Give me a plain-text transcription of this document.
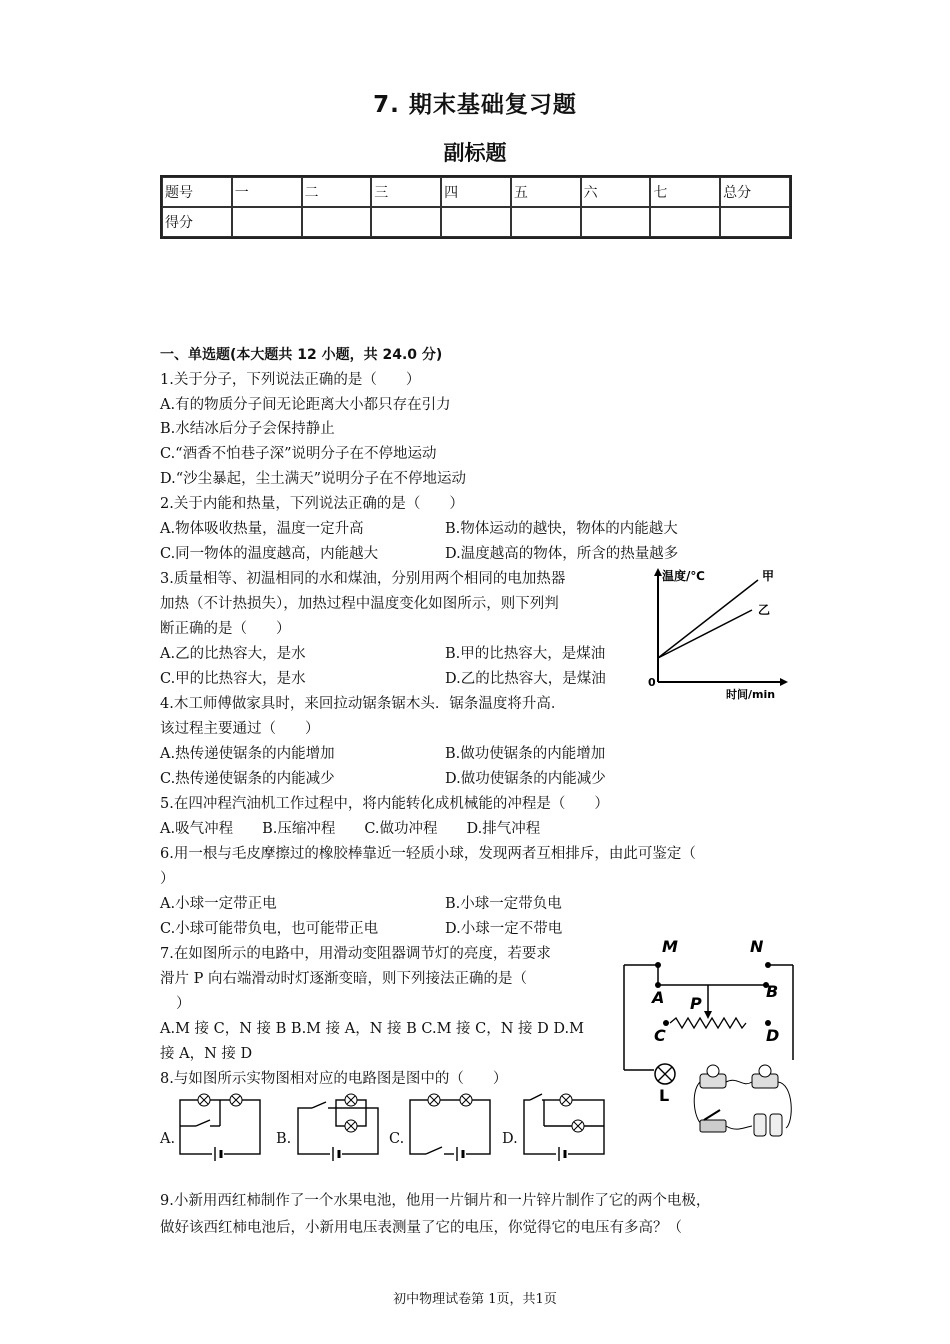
7. 期末基础复习题
副标题
题号	一	二	三	四	五	六	七	总分
得分								
一、单选题(本大题共 12 小题，共 24.0 分)
1.关于分子，下列说法正确的是（　　）
A.有的物质分子间无论距离大小都只存在引力
B.水结冰后分子会保持静止
C.“酒香不怕巷子深”说明分子在不停地运动
D.“沙尘暴起，尘土满天”说明分子在不停地运动
2.关于内能和热量，下列说法正确的是（　　）
A.物体吸收热量，温度一定升高	B.物体运动的越快，物体的内能越大
C.同一物体的温度越高，内能越大	D.温度越高的物体，所含的热量越多
3.质量相等、初温相同的水和煤油，分别用两个相同的电加热器
加热（不计热损失），加热过程中温度变化如图所示，则下列判
断正确的是（　　）
A.乙的比热容大，是水	B.甲的比热容大，是煤油
C.甲的比热容大，是水	D.乙的比热容大，是煤油
温度/℃	甲
乙
0
时间/min
4.木工师傅做家具时，来回拉动锯条锯木头．锯条温度将升高．
该过程主要通过（　　）
A.热传递使锯条的内能增加	B.做功使锯条的内能增加
C.热传递使锯条的内能减少	D.做功使锯条的内能减少
5.在四冲程汽油机工作过程中，将内能转化成机械能的冲程是（　　）
A.吸气冲程　　B.压缩冲程　　C.做功冲程　　D.排气冲程
6.用一根与毛皮摩擦过的橡胶棒靠近一轻质小球，发现两者互相排斥，由此可鉴定（
）
A.小球一定带正电	B.小球一定带负电
C.小球可能带负电，也可能带正电	D.小球一定不带电
7.在如图所示的电路中，用滑动变阻器调节灯的亮度，若要求
滑片 P 向右端滑动时灯逐渐变暗，则下列接法正确的是（
）
A.M 接 C，N 接 B B.M 接 A，N 接 B C.M 接 C，N 接 D D.M
接 A，N 接 D
M	N
L
A	B
P
C	D
8.与如图所示实物图相对应的电路图是图中的（　　）
A.	B.	C.	D.
9.小新用西红柿制作了一个水果电池，他用一片铜片和一片锌片制作了它的两个电极，
做好该西红柿电池后，小新用电压表测量了它的电压，你觉得它的电压有多高？（
初中物理试卷第 1页，共1页
